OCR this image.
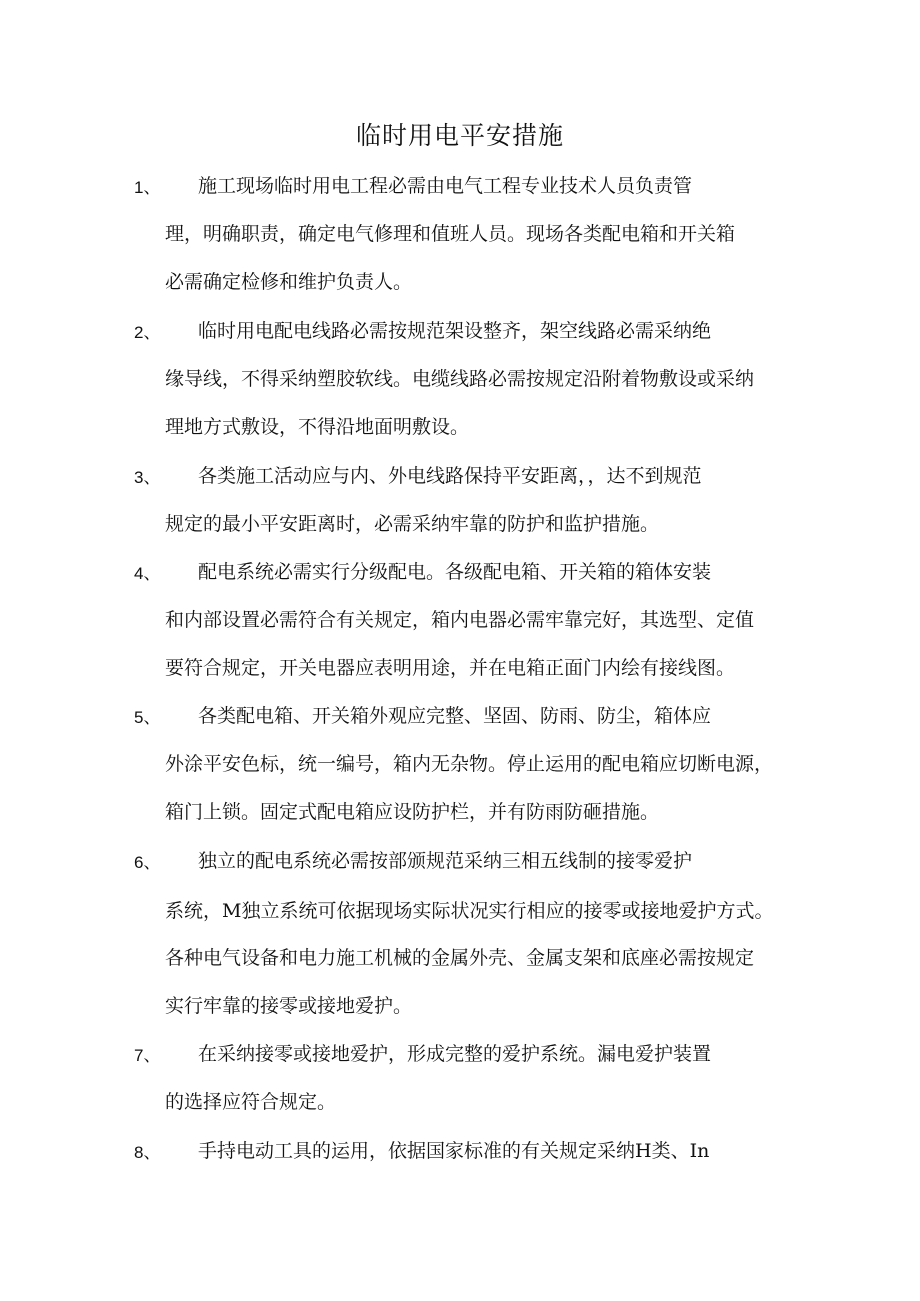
临时用电平安措施
1、 施工现场临时用电工程必需由电气工程专业技术人员负责管
理，明确职责，确定电气修理和值班人员。现场各类配电箱和开关箱
必需确定检修和维护负责人。
2、 临时用电配电线路必需按规范架设整齐，架空线路必需采纳绝
缘导线，不得采纳塑胶软线。电缆线路必需按规定沿附着物敷设或采纳
理地方式敷设，不得沿地面明敷设。
3、 各类施工活动应与内、外电线路保持平安距离，，达不到规范
规定的最小平安距离时，必需采纳牢靠的防护和监护措施。
4、 配电系统必需实行分级配电。各级配电箱、开关箱的箱体安装
和内部设置必需符合有关规定，箱内电器必需牢靠完好，其选型、定值
要符合规定，开关电器应表明用途，并在电箱正面门内绘有接线图。
5、 各类配电箱、开关箱外观应完整、坚固、防雨、防尘，箱体应
外涂平安色标，统一编号，箱内无杂物。停止运用的配电箱应切断电源，
箱门上锁。固定式配电箱应设防护栏，并有防雨防砸措施。
6、 独立的配电系统必需按部颁规范采纳三相五线制的接零爱护
系统，M独立系统可依据现场实际状况实行相应的接零或接地爱护方式。
各种电气设备和电力施工机械的金属外壳、金属支架和底座必需按规定
实行牢靠的接零或接地爱护。
7、 在采纳接零或接地爱护，形成完整的爱护系统。漏电爱护装置
的选择应符合规定。
8、 手持电动工具的运用，依据国家标准的有关规定采纳H类、In
